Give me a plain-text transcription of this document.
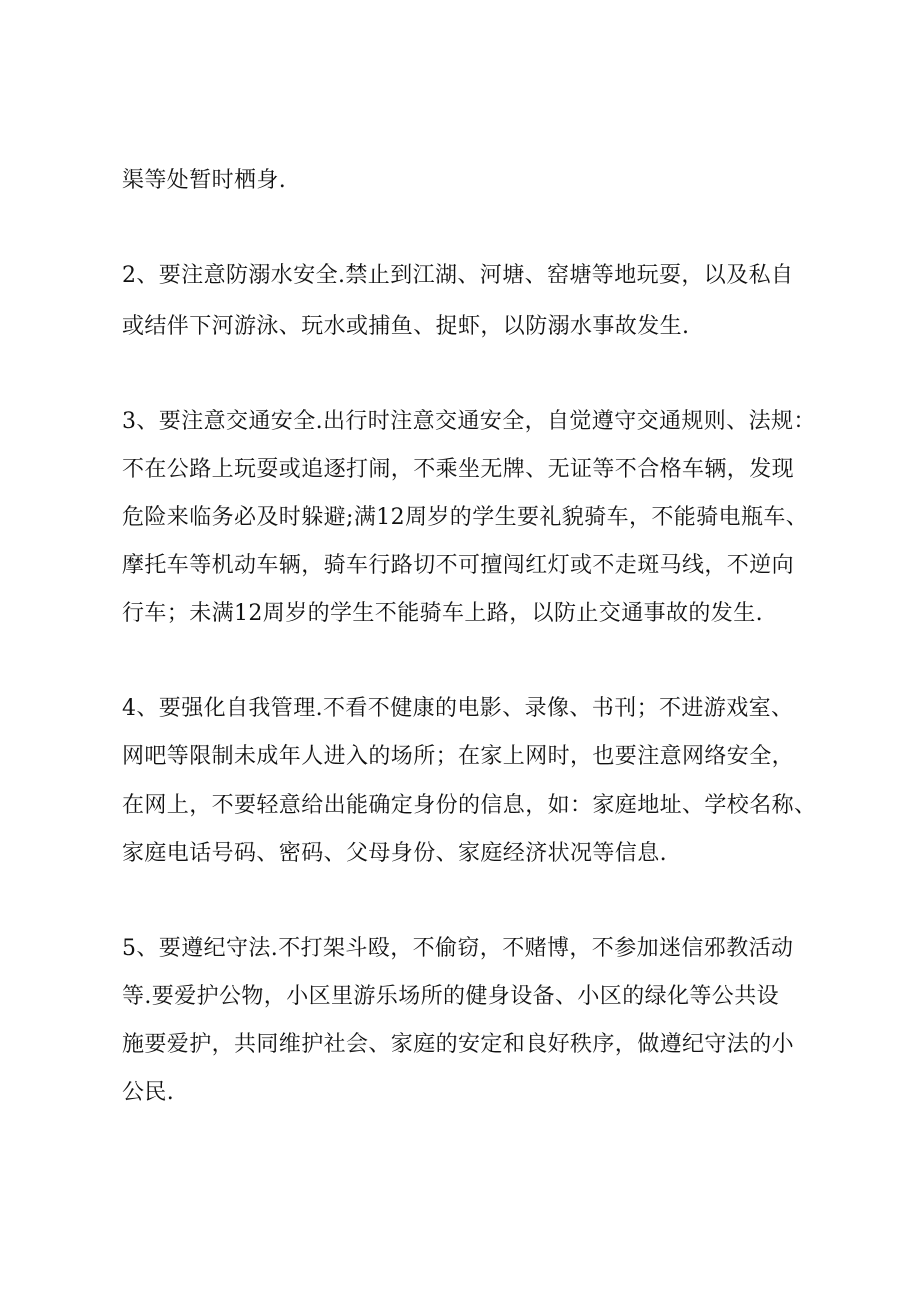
渠等处暂时栖身.
2、要注意防溺水安全.禁止到江湖、河塘、窑塘等地玩耍，以及私自
或结伴下河游泳、玩水或捕鱼、捉虾，以防溺水事故发生.
3、要注意交通安全.出行时注意交通安全，自觉遵守交通规则、法规：
不在公路上玩耍或追逐打闹，不乘坐无牌、无证等不合格车辆，发现
危险来临务必及时躲避;满12周岁的学生要礼貌骑车，不能骑电瓶车、
摩托车等机动车辆，骑车行路切不可擅闯红灯或不走斑马线，不逆向
行车；未满12周岁的学生不能骑车上路，以防止交通事故的发生.
4、要强化自我管理.不看不健康的电影、录像、书刊；不进游戏室、
网吧等限制未成年人进入的场所；在家上网时，也要注意网络安全，
在网上，不要轻意给出能确定身份的信息，如：家庭地址、学校名称、
家庭电话号码、密码、父母身份、家庭经济状况等信息.
5、要遵纪守法.不打架斗殴，不偷窃，不赌博，不参加迷信邪教活动
等.要爱护公物，小区里游乐场所的健身设备、小区的绿化等公共设
施要爱护，共同维护社会、家庭的安定和良好秩序，做遵纪守法的小
公民.
